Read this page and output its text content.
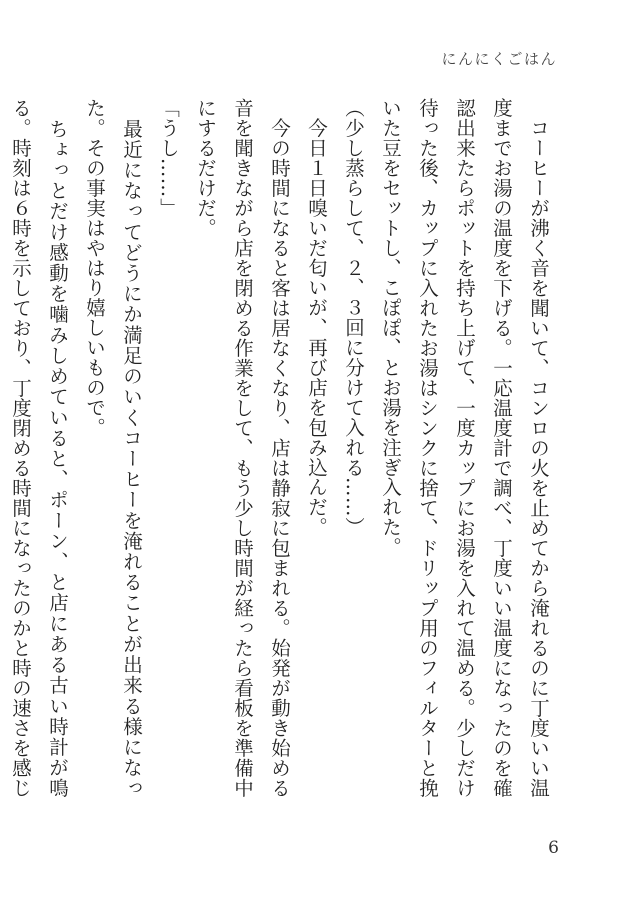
にんにくごはん

　コーヒーが沸く音を聞いて、コンロの火を止めてから淹れるのに丁度いい温度までお湯の温度を下げる。一応温度計で調べ、丁度いい温度になったのを確認出来たらポットを持ち上げて、一度カップにお湯を入れて温める。少しだけ待った後、カップに入れたお湯はシンクに捨て、ドリップ用のフィルターと挽いた豆をセットし、こぽぽ、とお湯を注ぎ入れた。

（少し蒸らして、２、３回に分けて入れる……）

　今日１日嗅いだ匂いが、再び店を包み込んだ。

　今の時間になると客は居なくなり、店は静寂に包まれる。始発が動き始める音を聞きながら店を閉める作業をして、もう少し時間が経ったら看板を準備中にするだけだ。

「うし……」

　最近になってどうにか満足のいくコーヒーを淹れることが出来る様になった。その事実はやはり嬉しいもので。

　ちょっとだけ感動を噛みしめていると、ポーン、と店にある古い時計が鳴る。時刻は６時を示しており、丁度閉める時間になったのかと時の速さを感じ

6
